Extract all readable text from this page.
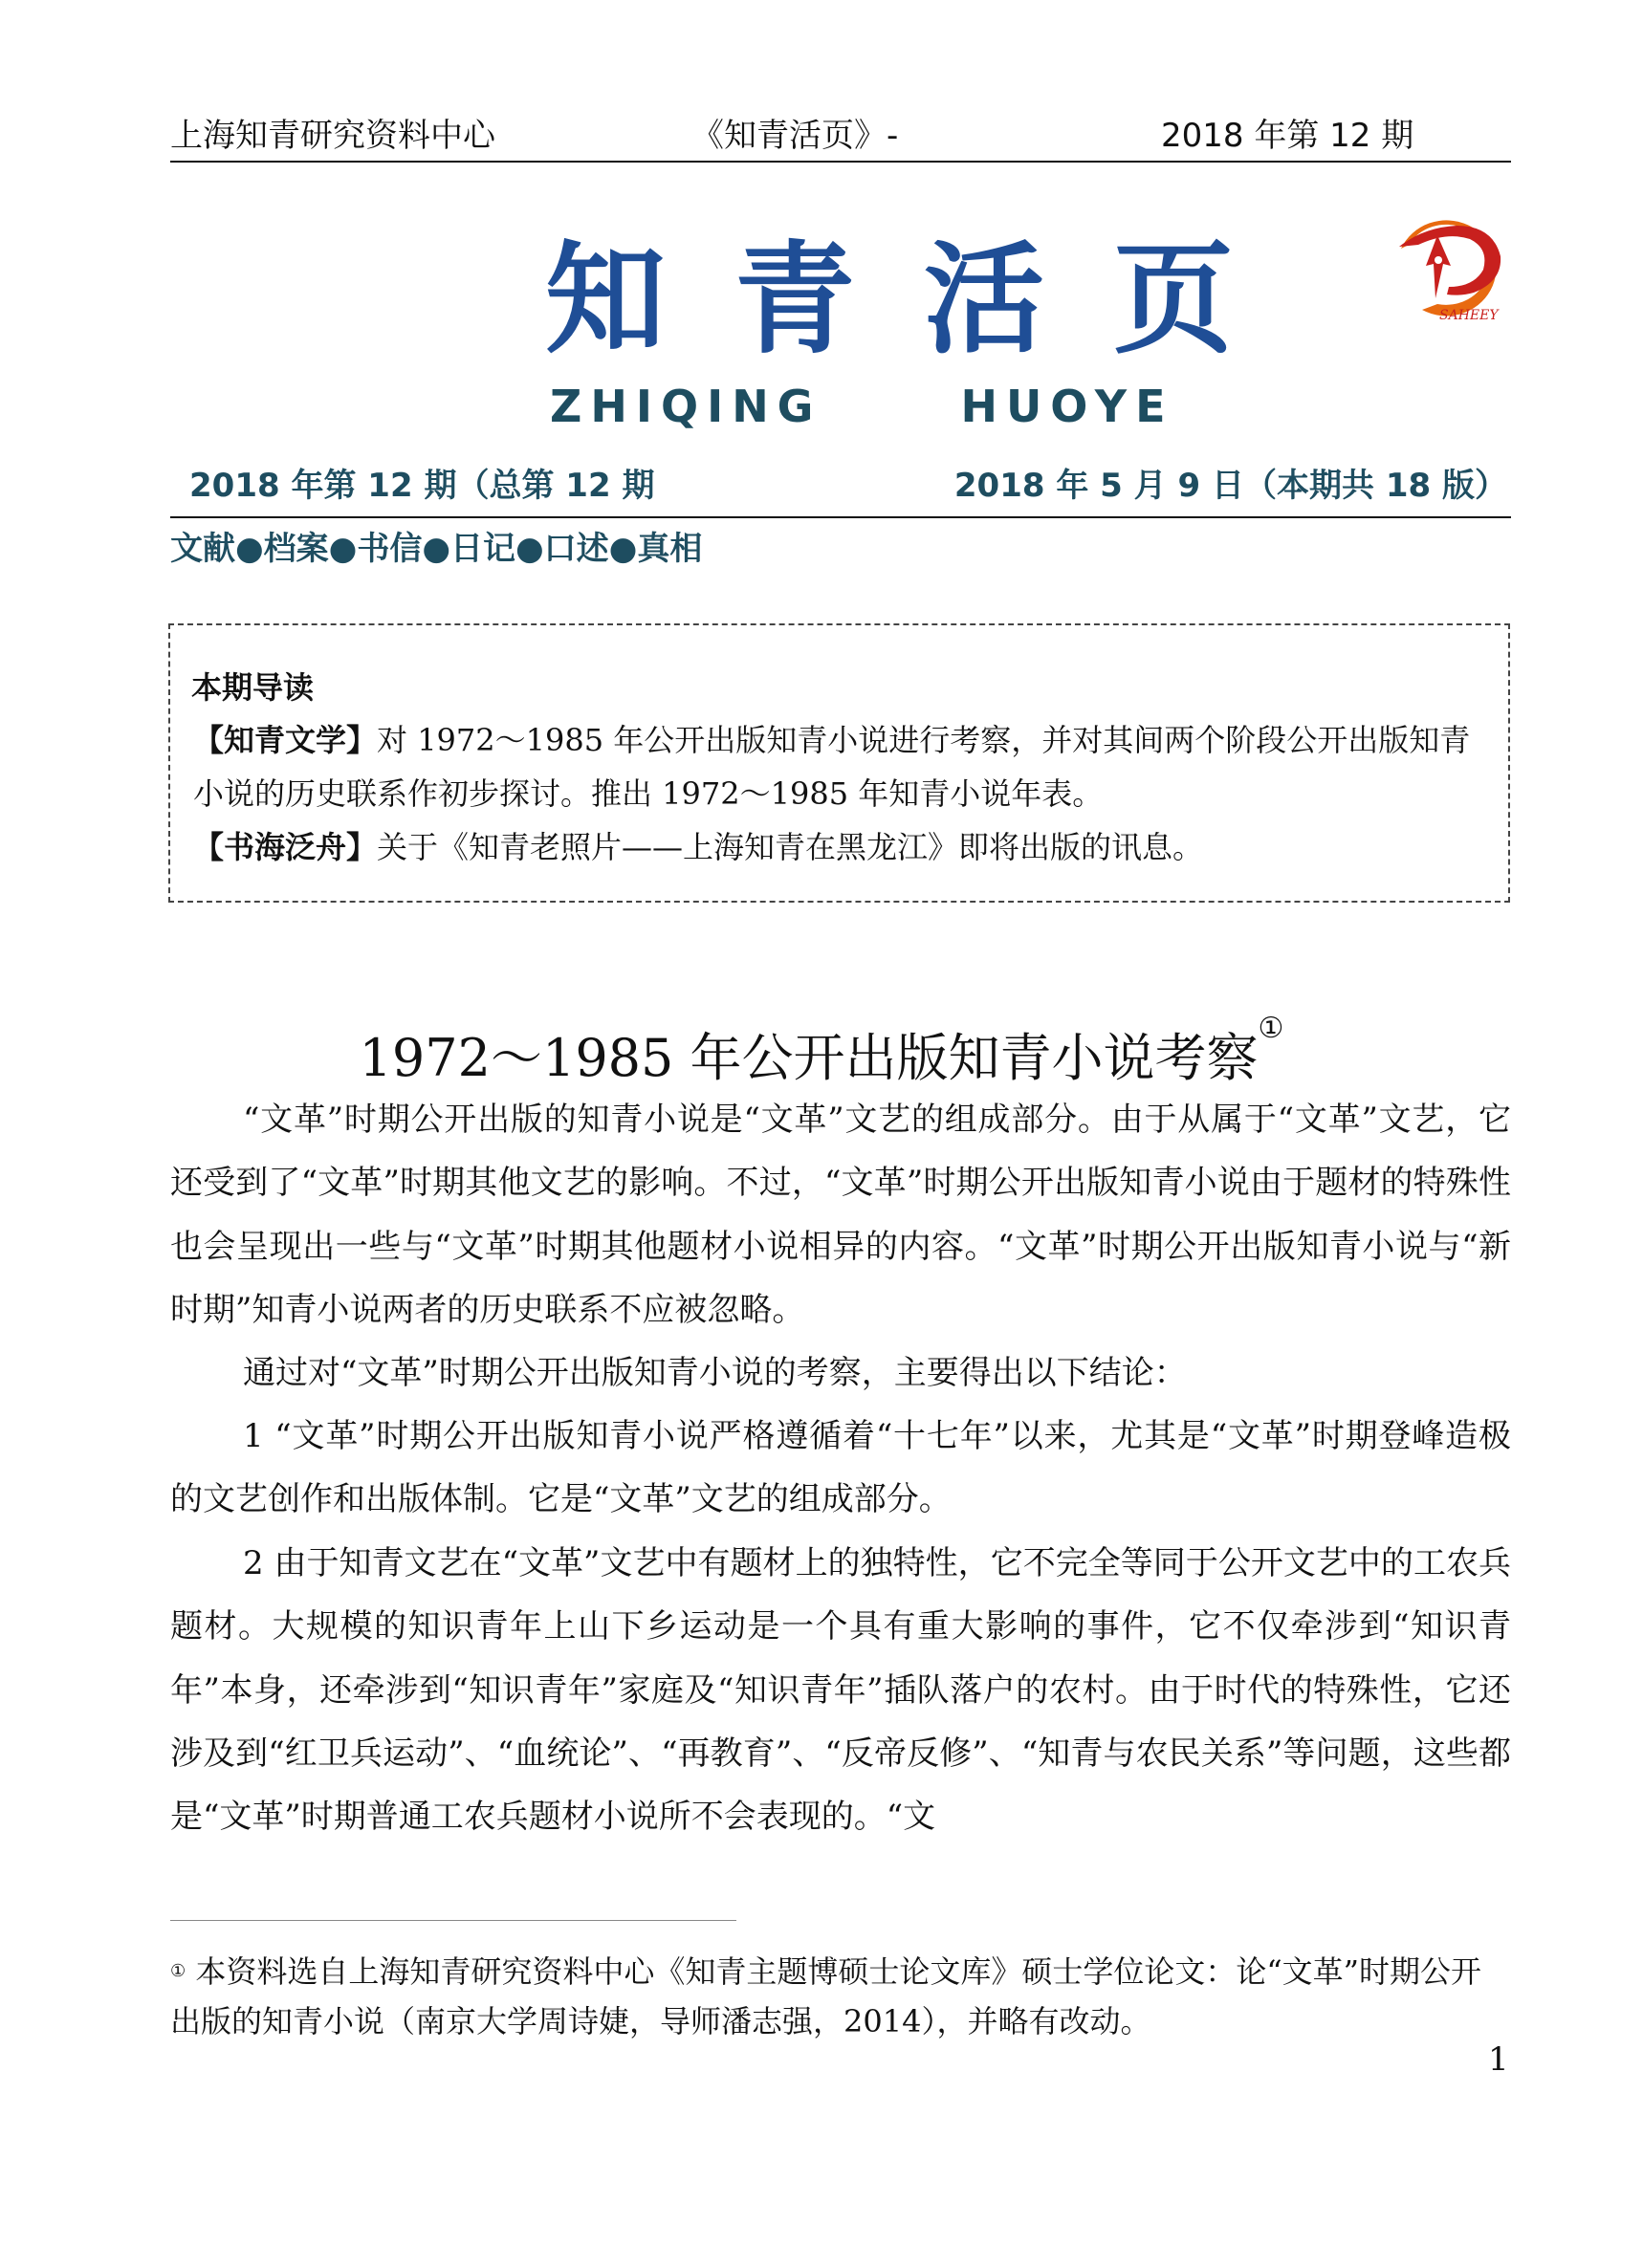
上海知青研究资料中心	《知青活页》-	2018 年第 12 期
知 青 活 页
ZHIQING HUOYE
SAHEEY
2018 年第 12 期（总第 12 期	2018 年 5 月 9 日（本期共 18 版）
文献●档案●书信●日记●口述●真相
本期导读
【知青文学】对 1972～1985 年公开出版知青小说进行考察，并对其间两个阶段公开出版知青小说的历史联系作初步探讨。推出 1972～1985 年知青小说年表。
【书海泛舟】关于《知青老照片——上海知青在黑龙江》即将出版的讯息。
1972～1985 年公开出版知青小说考察①
“文革”时期公开出版的知青小说是“文革”文艺的组成部分。由于从属于“文革”文艺，它还受到了“文革”时期其他文艺的影响。不过，“文革”时期公开出版知青小说由于题材的特殊性也会呈现出一些与“文革”时期其他题材小说相异的内容。“文革”时期公开出版知青小说与“新时期”知青小说两者的历史联系不应被忽略。
通过对“文革”时期公开出版知青小说的考察，主要得出以下结论：
1 “文革”时期公开出版知青小说严格遵循着“十七年”以来，尤其是“文革”时期登峰造极的文艺创作和出版体制。它是“文革”文艺的组成部分。
2 由于知青文艺在“文革”文艺中有题材上的独特性，它不完全等同于公开文艺中的工农兵题材。大规模的知识青年上山下乡运动是一个具有重大影响的事件，它不仅牵涉到“知识青年”本身，还牵涉到“知识青年”家庭及“知识青年”插队落户的农村。由于时代的特殊性，它还涉及到“红卫兵运动”、“血统论”、“再教育”、“反帝反修”、“知青与农民关系”等问题，这些都是“文革”时期普通工农兵题材小说所不会表现的。“文
① 本资料选自上海知青研究资料中心《知青主题博硕士论文库》硕士学位论文：论“文革”时期公开出版的知青小说（南京大学周诗婕，导师潘志强，2014），并略有改动。
1
